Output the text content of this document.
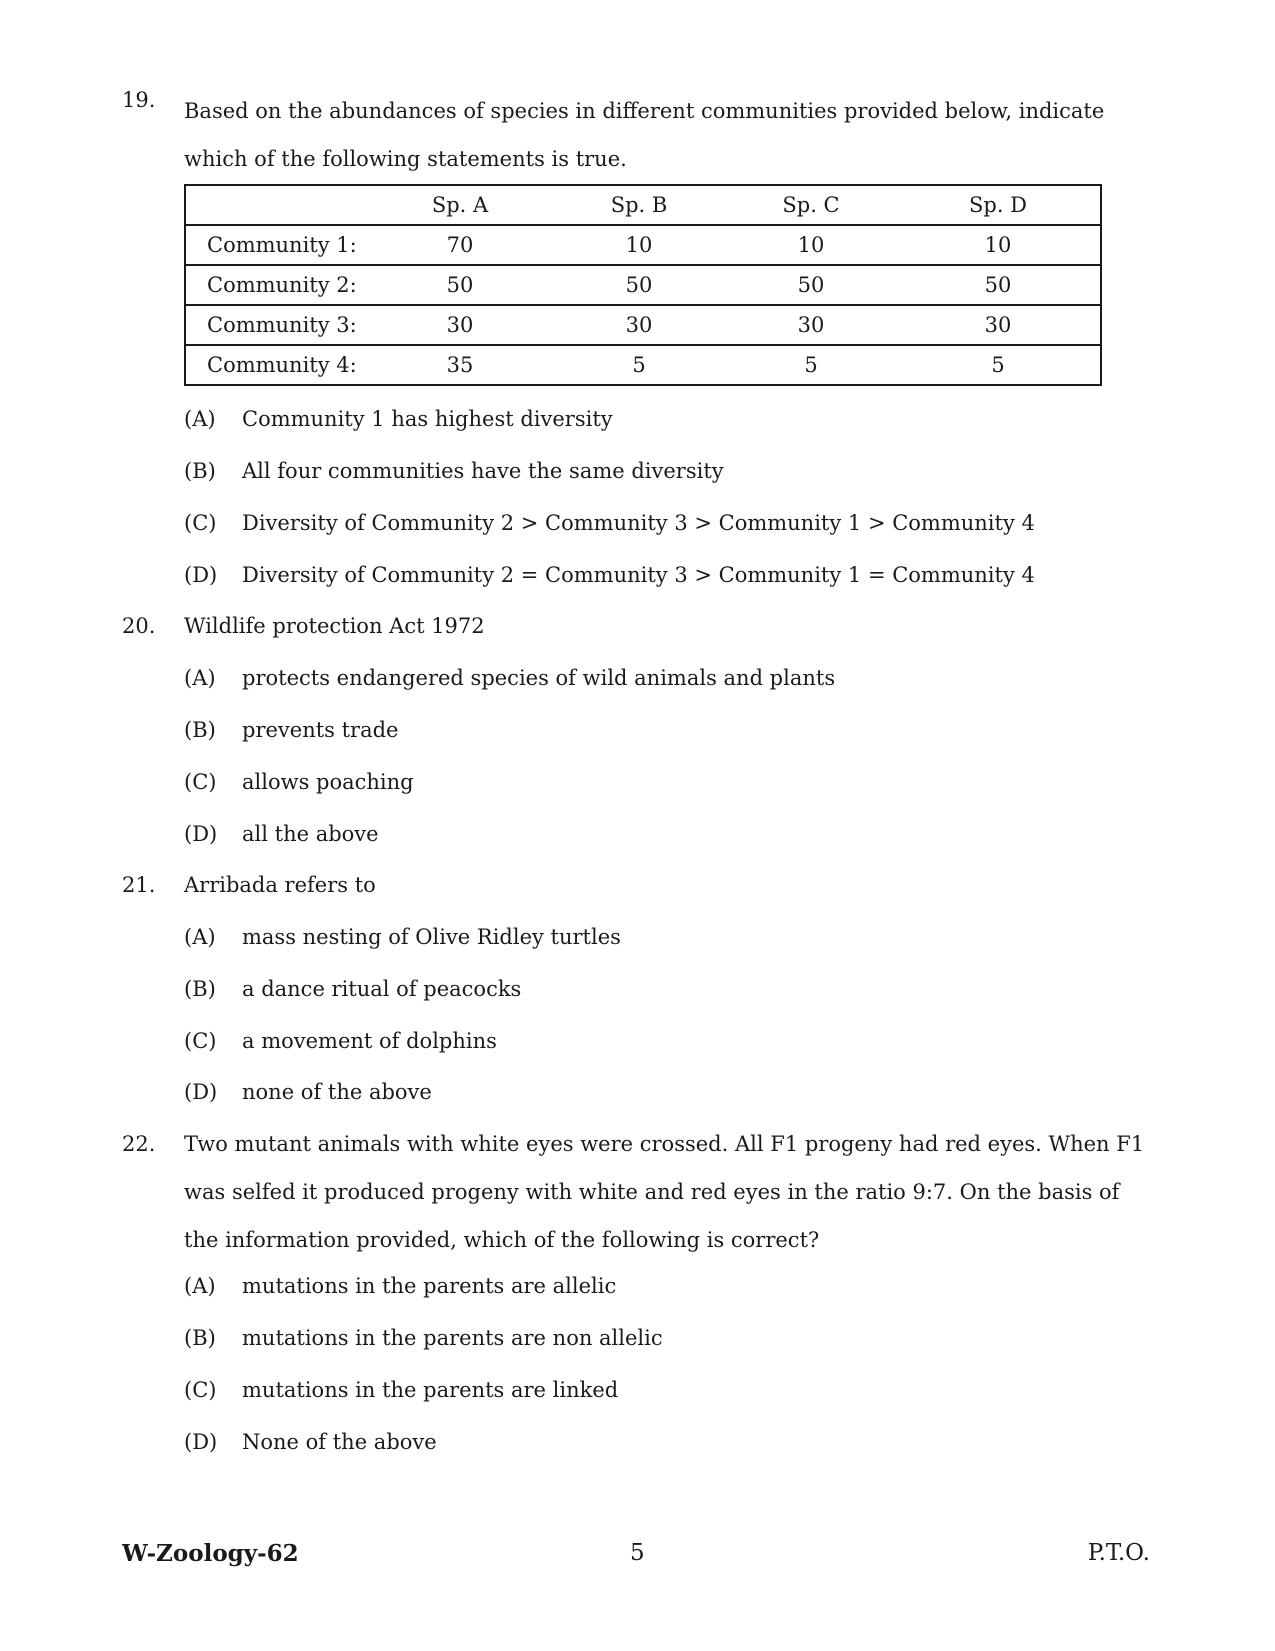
19. Based on the abundances of species in different communities provided below, indicate which of the following statements is true.
	Sp. A	Sp. B	Sp. C	Sp. D
Community 1:	70	10	10	10
Community 2:	50	50	50	50
Community 3:	30	30	30	30
Community 4:	35	5	5	5
(A) Community 1 has highest diversity
(B) All four communities have the same diversity
(C) Diversity of Community 2 > Community 3 > Community 1 > Community 4
(D) Diversity of Community 2 = Community 3 > Community 1 = Community 4
20. Wildlife protection Act 1972
(A) protects endangered species of wild animals and plants
(B) prevents trade
(C) allows poaching
(D) all the above
21. Arribada refers to
(A) mass nesting of Olive Ridley turtles
(B) a dance ritual of peacocks
(C) a movement of dolphins
(D) none of the above
22. Two mutant animals with white eyes were crossed. All F1 progeny had red eyes. When F1 was selfed it produced progeny with white and red eyes in the ratio 9:7. On the basis of the information provided, which of the following is correct?
(A) mutations in the parents are allelic
(B) mutations in the parents are non allelic
(C) mutations in the parents are linked
(D) None of the above
W-Zoology-62	5	P.T.O.
